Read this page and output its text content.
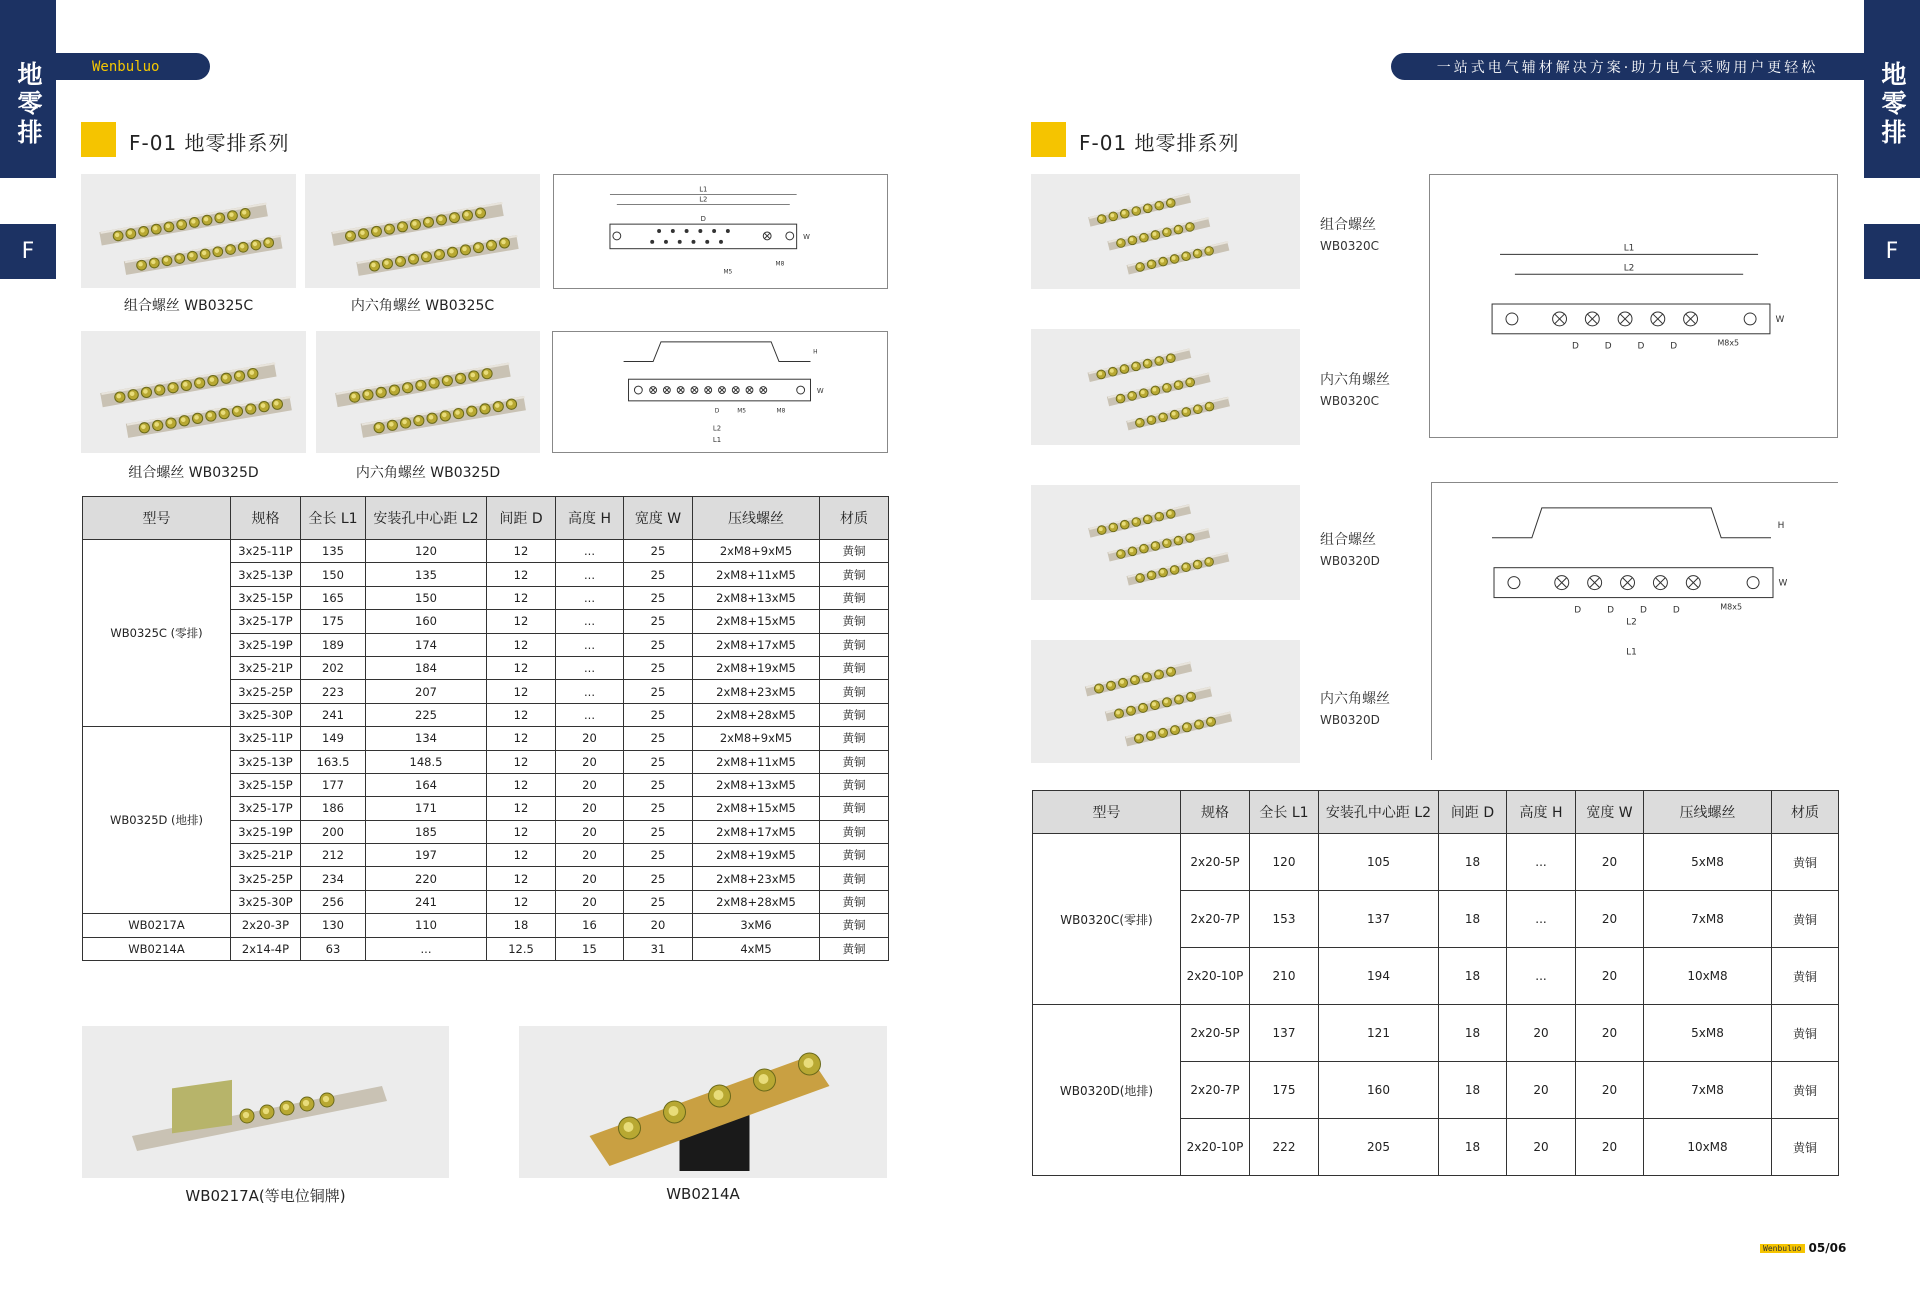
地零排
F
地零排
F
Wenbuluo	一站式电气辅材解决方案·助力电气采购用户更轻松
F-01 地零排系列	F-01 地零排系列
L1
L2
D
M5
M8
W
组合螺丝 WB0325C	内六角螺丝 WB0325C
H
W
D	M5	M8
L2
L1
组合螺丝 WB0325D	内六角螺丝 WB0325D
型号	规格	全长 L1	安装孔中心距 L2	间距 D	高度 H	宽度 W	压线螺丝	材质
WB0325C (零排)	3x25-11P	135	120	12	...	25	2xM8+9xM5	黄铜
	3x25-13P	150	135	12	...	25	2xM8+11xM5	黄铜
	3x25-15P	165	150	12	...	25	2xM8+13xM5	黄铜
	3x25-17P	175	160	12	...	25	2xM8+15xM5	黄铜
	3x25-19P	189	174	12	...	25	2xM8+17xM5	黄铜
	3x25-21P	202	184	12	...	25	2xM8+19xM5	黄铜
	3x25-25P	223	207	12	...	25	2xM8+23xM5	黄铜
	3x25-30P	241	225	12	...	25	2xM8+28xM5	黄铜
WB0325D (地排)	3x25-11P	149	134	12	20	25	2xM8+9xM5	黄铜
	3x25-13P	163.5	148.5	12	20	25	2xM8+11xM5	黄铜
	3x25-15P	177	164	12	20	25	2xM8+13xM5	黄铜
	3x25-17P	186	171	12	20	25	2xM8+15xM5	黄铜
	3x25-19P	200	185	12	20	25	2xM8+17xM5	黄铜
	3x25-21P	212	197	12	20	25	2xM8+19xM5	黄铜
	3x25-25P	234	220	12	20	25	2xM8+23xM5	黄铜
	3x25-30P	256	241	12	20	25	2xM8+28xM5	黄铜
WB0217A	2x20-3P	130	110	18	16	20	3xM6	黄铜
WB0214A	2x14-4P	63	...	12.5	15	31	4xM5	黄铜
WB0217A(等电位铜牌)	WB0214A
组合螺丝
WB0320C
内六角螺丝
WB0320C
组合螺丝
WB0320D
内六角螺丝
WB0320D
L1
L2
D	D	D	D	M8x5
W
H
D	D	D	D	M8x5
W
L2
L1
型号	规格	全长 L1	安装孔中心距 L2	间距 D	高度 H	宽度 W	压线螺丝	材质
WB0320C(零排)	2x20-5P	120	105	18	...	20	5xM8	黄铜
	2x20-7P	153	137	18	...	20	7xM8	黄铜
	2x20-10P	210	194	18	...	20	10xM8	黄铜
WB0320D(地排)	2x20-5P	137	121	18	20	20	5xM8	黄铜
	2x20-7P	175	160	18	20	20	7xM8	黄铜
	2x20-10P	222	205	18	20	20	10xM8	黄铜
Wenbuluo 05/06
